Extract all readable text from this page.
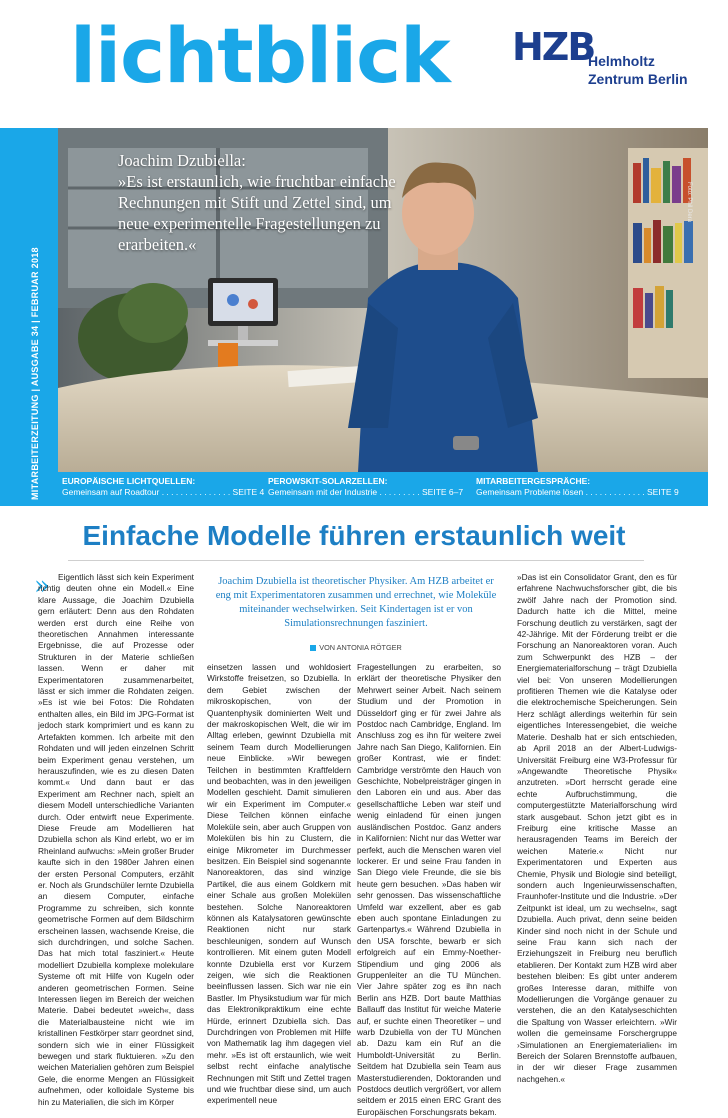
lichtblick HZB
Helmholtz
Zentrum Berlin
MITARBEITERZEITUNG | AUSGABE 34 | FEBRUAR 2018
Joachim Dzubiella:
»Es ist erstaunlich, wie fruchtbar einfache Rechnungen mit Stift und Zettel sind, um neue experimentelle Fragestellungen zu erarbeiten.«
Foto: Phil Dera
EUROPÄISCHE LICHTQUELLEN:
Gemeinsam auf Roadtour . . . . . . . . . . . . . . . SEITE 4
PEROWSKIT-SOLARZELLEN:
Gemeinsam mit der Industrie . . . . . . . . . SEITE 6–7
MITARBEITERGESPRÄCHE:
Gemeinsam Probleme lösen . . . . . . . . . . . . . SEITE 9
Einfache Modelle führen erstaunlich weit
» Eigentlich lässt sich kein Experiment richtig deuten ohne ein Modell.« Eine klare Aussage, die Joachim Dzubiella gern erläutert: Denn aus den Rohdaten werden erst durch eine Reihe von theoretischen Annahmen interessante Ergebnisse, die auf Prozesse oder Strukturen in der Materie schließen lassen. Wenn er daher mit Experimentatoren zusammenarbeitet, lässt er sich immer die Rohdaten zeigen. »Es ist wie bei Fotos: Die Rohdaten enthalten alles, ein Bild im JPG-Format ist jedoch stark komprimiert und es kann zu Artefakten kommen. Ich arbeite mit den Rohdaten und will jeden einzelnen Schritt beim Experiment genau verstehen, um herauszufinden, wie es zu diesen Daten kommt.« Und dann baut er das Experiment am Rechner nach, spielt an diesem Modell unterschiedliche Varianten durch. Oder entwirft neue Experimente. Diese Freude am Modellieren hat Dzubiella schon als Kind erlebt, wo er im Rheinland aufwuchs: »Mein großer Bruder kaufte sich in den 1980er Jahren einen der ersten Personal Computers, erzählt er. Noch als Grundschüler lernte Dzubiella an diesem Computer, einfache Programme zu schreiben, sich konnte geometrische Formen auf dem Bildschirm erscheinen lassen, wachsende Kreise, die sich durchdringen, und solche Sachen. Das hat mich total fasziniert.« Heute modelliert Dzubiella komplexe molekulare Systeme oft mit Hilfe von Kugeln oder anderen geometrischen Formen. Seine Interessen liegen im Bereich der weichen Materie. Dabei bedeutet »weich«, dass die Materialbausteine nicht wie im kristallinen Festkörper starr geordnet sind, sondern sich wie in einer Flüssigkeit bewegen und stark fluktuieren. »Zu den weichen Materialien gehören zum Beispiel Gele, die enorme Mengen an Flüssigkeit aufnehmen, oder kolloidale Systeme bis hin zu Materialien, die sich im Körper

Joachim Dzubiella ist theoretischer Physiker. Am HZB arbeitet er eng mit Experimentatoren zusammen und errechnet, wie Moleküle miteinander wechselwirken. Seit Kindertagen ist er von Simulationsrechnungen fasziniert.
VON ANTONIA RÖTGER

einsetzen lassen und wohldosiert Wirkstoffe freisetzen, so Dzubiella. In dem Gebiet zwischen der mikroskopischen, von der Quantenphysik dominierten Welt und der makroskopischen Welt, die wir im Alltag erleben, gewinnt Dzubiella mit seinem Team durch Modellierungen neue Einblicke. »Wir bewegen Teilchen in bestimmten Kraftfeldern und beobachten, was in den jeweiligen Modellen geschieht. Damit simulieren wir ein Experiment im Computer.« Diese Teilchen können einfache Moleküle sein, aber auch Gruppen von Molekülen bis hin zu Clustern, die einige Mikrometer im Durchmesser besitzen. Ein Beispiel sind sogenannte Nanoreaktoren, das sind winzige Partikel, die aus einem Goldkern mit einer Schale aus großen Molekülen bestehen. Solche Nanoreaktoren können als Katalysatoren gewünschte Reaktionen nicht nur stark beschleunigen, sondern auf Wunsch kontrollieren. Mit einem guten Modell konnte Dzubiella erst vor Kurzem zeigen, wie sich die Reaktionen beeinflussen lassen. Sich war nie ein Bastler. Im Physikstudium war für mich das Elektronikpraktikum eine echte Hürde, erinnert Dzubiella sich. Das Durchdringen von Problemen mit Hilfe von Mathematik lag ihm dagegen viel mehr. »Es ist oft erstaunlich, wie weit selbst recht einfache analytische Rechnungen mit Stift und Zettel tragen und wie fruchtbar diese sind, um auch experimentell neue

Fragestellungen zu erarbeiten, so erklärt der theoretische Physiker den Mehrwert seiner Arbeit. Nach seinem Studium und der Promotion in Düsseldorf ging er für zwei Jahre als Postdoc nach Cambridge, England. Im Anschluss zog es ihn für weitere zwei Jahre nach San Diego, Kalifornien. Ein großer Kontrast, wie er findet: Cambridge verströmte den Hauch von Geschichte, Nobelpreisträger gingen in den Laboren ein und aus. Aber das gesellschaftliche Leben war steif und wenig einladend für einen jungen ausländischen Postdoc. Ganz anders in Kalifornien: Nicht nur das Wetter war perfekt, auch die Menschen waren viel lockerer. Er und seine Frau fanden in San Diego viele Freunde, die sie bis heute gern besuchen. »Das haben wir sehr genossen. Das wissenschaftliche Umfeld war exzellent, aber es gab eben auch spontane Einladungen zu Gartenpartys.« Während Dzubiella in den USA forschte, bewarb er sich erfolgreich auf ein Emmy-Noether-Stipendium und ging 2006 als Gruppenleiter an die TU München. Vier Jahre später zog es ihn nach Berlin ans HZB. Dort baute Matthias Ballauff das Institut für weiche Materie auf, er suchte einen Theoretiker – und warb Dzubiella von der TU München ab. Dazu kam ein Ruf an die Humboldt-Universität zu Berlin. Seitdem hat Dzubiella sein Team aus Masterstudierenden, Doktoranden und Postdocs deutlich vergrößert, vor allem seitdem er 2015 einen ERC Grant des Europäischen Forschungsrats bekam.

»Das ist ein Consolidator Grant, den es für erfahrene Nachwuchsforscher gibt, die bis zwölf Jahre nach der Promotion sind. Dadurch hatte ich die Mittel, meine Forschung deutlich zu verstärken, sagt der 42-Jährige. Mit der Förderung treibt er die Forschung an Nanoreaktoren voran. Auch zum Schwerpunkt des HZB – der Energiematerialforschung – trägt Dzubiella viel bei: Von unseren Modellierungen profitieren Themen wie die Katalyse oder die elektrochemische Speicherungen. Sein Herz schlägt allerdings weiterhin für sein eigentliches Interessengebiet, die weiche Materie. Deshalb hat er sich entschieden, ab April 2018 an der Albert-Ludwigs-Universität Freiburg eine W3-Professur für »Angewandte Theoretische Physik« anzutreten. »Dort herrscht gerade eine echte Aufbruchstimmung, die computergestützte Materialforschung wird stark ausgebaut. Schon jetzt gibt es in Freiburg eine kritische Masse an herausragenden Teams im Bereich der weichen Materie.« Nicht nur Experimentatoren und Experten aus Chemie, Physik und Biologie sind beteiligt, sondern auch Ingenieurwissenschaften, Fraunhofer-Institute und die Industrie. »Der Zeitpunkt ist ideal, um zu wechseln«, sagt Dzubiella. Auch privat, denn seine beiden Kinder sind noch nicht in der Schule und seine Frau kann sich nach der Erziehungszeit in Freiburg neu beruflich etablieren. Der Kontakt zum HZB wird aber bestehen bleiben: Es gibt unter anderem großes Interesse daran, mithilfe von Modellierungen die Vorgänge genauer zu verstehen, die an den Katalyseschichten die Spaltung von Wasser erleichtern. »Wir wollen die gemeinsame Forschergruppe ›Simulationen an Energiematerialien‹ im Bereich der Solaren Brennstoffe aufbauen, in der wir dieser Frage zusammen nachgehen.«
